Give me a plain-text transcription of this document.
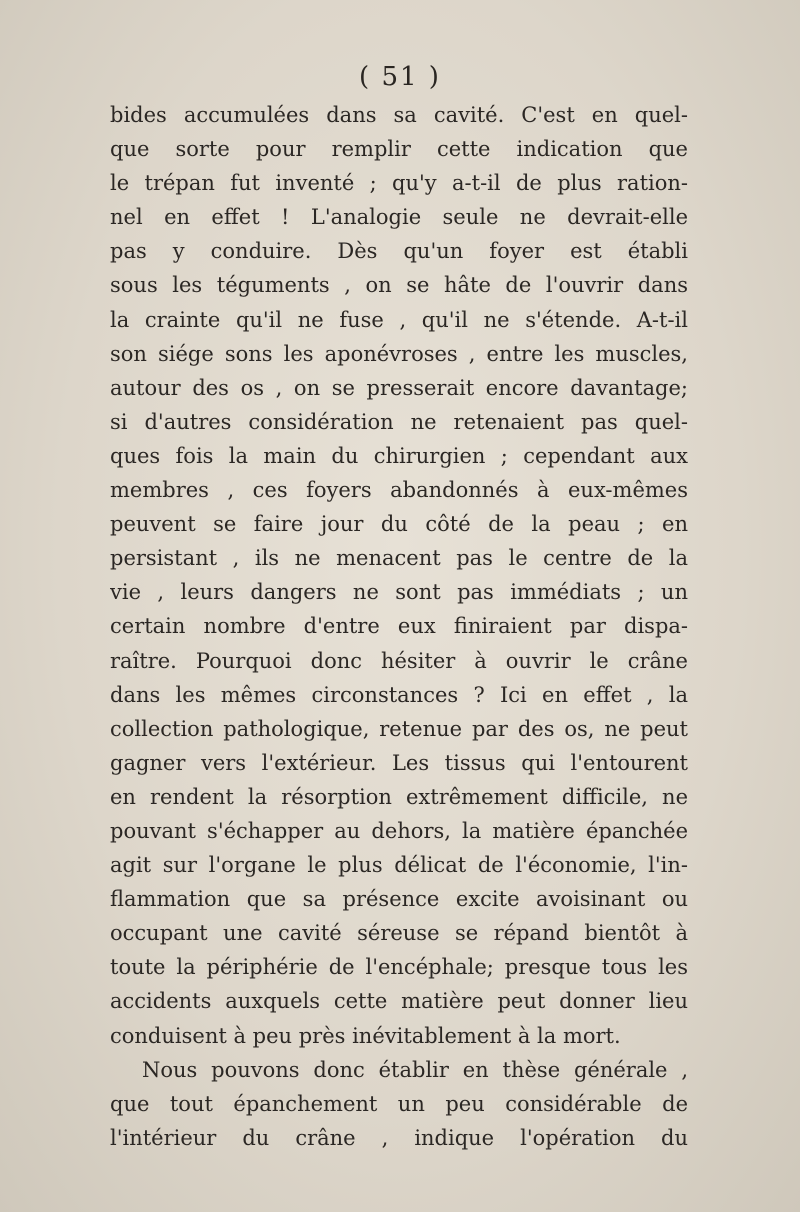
( 51 )
bides accumulées dans sa cavité. C'est en quel-
que sorte pour remplir cette indication que
le trépan fut inventé ; qu'y a-t-il de plus ration-
nel en effet ! L'analogie seule ne devrait-elle
pas y conduire. Dès qu'un foyer est établi
sous les téguments , on se hâte de l'ouvrir dans
la crainte qu'il ne fuse , qu'il ne s'étende. A-t-il
son siége sons les aponévroses , entre les muscles,
autour des os , on se presserait encore davantage;
si d'autres considération ne retenaient pas quel-
ques fois la main du chirurgien ; cependant aux
membres , ces foyers abandonnés à eux-mêmes
peuvent se faire jour du côté de la peau ; en
persistant , ils ne menacent pas le centre de la
vie , leurs dangers ne sont pas immédiats ; un
certain nombre d'entre eux finiraient par dispa-
raître. Pourquoi donc hésiter à ouvrir le crâne
dans les mêmes circonstances ? Ici en effet , la
collection pathologique, retenue par des os, ne peut
gagner vers l'extérieur. Les tissus qui l'entourent
en rendent la résorption extrêmement difficile, ne
pouvant s'échapper au dehors, la matière épanchée
agit sur l'organe le plus délicat de l'économie, l'in-
flammation que sa présence excite avoisinant ou
occupant une cavité séreuse se répand bientôt à
toute la périphérie de l'encéphale; presque tous les
accidents auxquels cette matière peut donner lieu
conduisent à peu près inévitablement à la mort.
Nous pouvons donc établir en thèse générale ,
que tout épanchement un peu considérable de
l'intérieur du crâne , indique l'opération du
